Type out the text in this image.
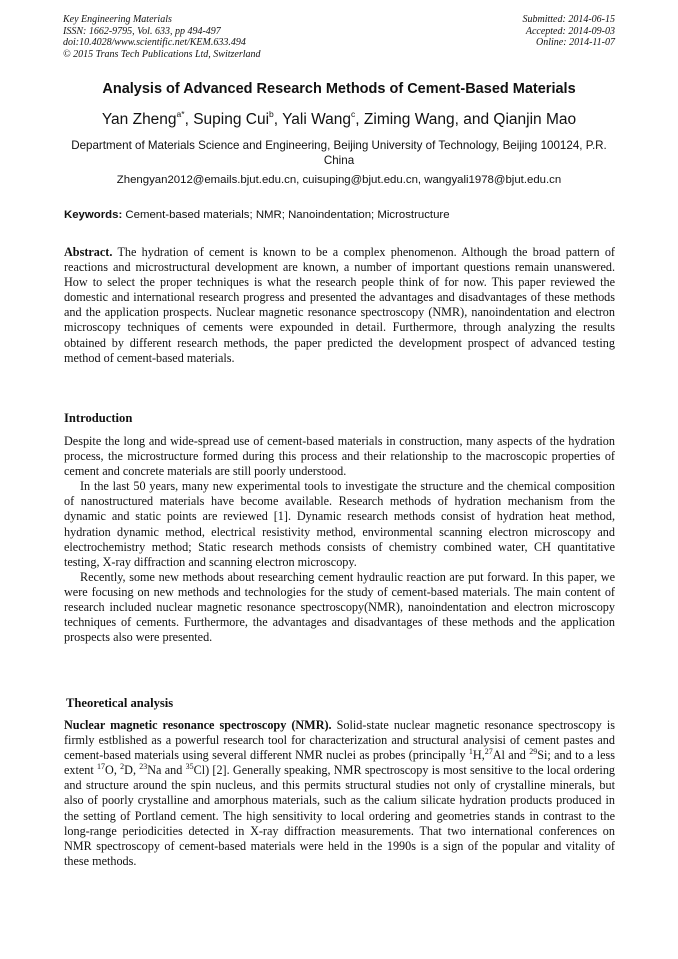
Key Engineering Materials
ISSN: 1662-9795, Vol. 633, pp 494-497
doi:10.4028/www.scientific.net/KEM.633.494
© 2015 Trans Tech Publications Ltd, Switzerland
Submitted: 2014-06-15
Accepted: 2014-09-03
Online: 2014-11-07
Analysis of Advanced Research Methods of Cement-Based Materials
Yan Zheng$^{a*}$, Suping Cui$^b$, Yali Wang$^c$, Ziming Wang, and Qianjin Mao
Department of Materials Science and Engineering, Beijing University of Technology, Beijing 100124, P.R. China
Zhengyan2012@emails.bjut.edu.cn, cuisuping@bjut.edu.cn, wangyali1978@bjut.edu.cn
Keywords: Cement-based materials; NMR; Nanoindentation; Microstructure

Abstract. The hydration of cement is known to be a complex phenomenon. Although the broad pattern of reactions and microstructural development are known, a number of important questions remain unanswered. How to select the proper techniques is what the research people think of for now. This paper reviewed the domestic and international research progress and presented the advantages and disadvantages of these methods and the application prospects. Nuclear magnetic resonance spectroscopy (NMR), nanoindentation and electron microscopy techniques of cements were expounded in detail. Furthermore, through analyzing the results obtained by different research methods, the paper predicted the development prospect of advanced testing method of cement-based materials.

Introduction

Despite the long and wide-spread use of cement-based materials in construction, many aspects of the hydration process, the microstructure formed during this process and their relationship to the macroscopic properties of cement and concrete materials are still poorly understood.

In the last 50 years, many new experimental tools to investigate the structure and the chemical composition of nanostructured materials have become available. Research methods of hydration mechanism from the dynamic and static points are reviewed [1]. Dynamic research methods consist of hydration heat method, hydration dynamic method, electrical resistivity method, environmental scanning electron microscopy and electrochemistry method; Static research methods consists of chemistry combined water, CH quantitative testing, X-ray diffraction and scanning electron microscopy.

Recently, some new methods about researching cement hydraulic reaction are put forward. In this paper, we were focusing on new methods and technologies for the study of cement-based materials. The main content of research included nuclear magnetic resonance spectroscopy(NMR), nanoindentation and electron microscopy techniques of cements. Furthermore, the advantages and disadvantages of these methods and the application prospects also were presented.

Theoretical analysis

Nuclear magnetic resonance spectroscopy (NMR). Solid-state nuclear magnetic resonance spectroscopy is firmly estblished as a powerful research tool for characterization and structural analysisi of cement pastes and cement-based materials using several different NMR nuclei as probes (principally $^1$H,$^{27}$Al and $^{29}$Si; and to a less extent $^{17}$O, $^2$D, $^{23}$Na and $^{35}$Cl) [2]. Generally speaking, NMR spectroscopy is most sensitive to the local ordering and structure around the spin nucleus, and this permits structural studies not only of crystalline minerals, but also of poorly crystalline and amorphous materials, such as the calium silicate hydration products produced in the setting of Portland cement. The high sensitivity to local ordering and geometries stands in contrast to the long-range periodicities detected in X-ray diffraction measurements. That two international conferences on NMR spectroscopy of cement-based materials were held in the 1990s is a sign of the popular and vitality of these methods.
